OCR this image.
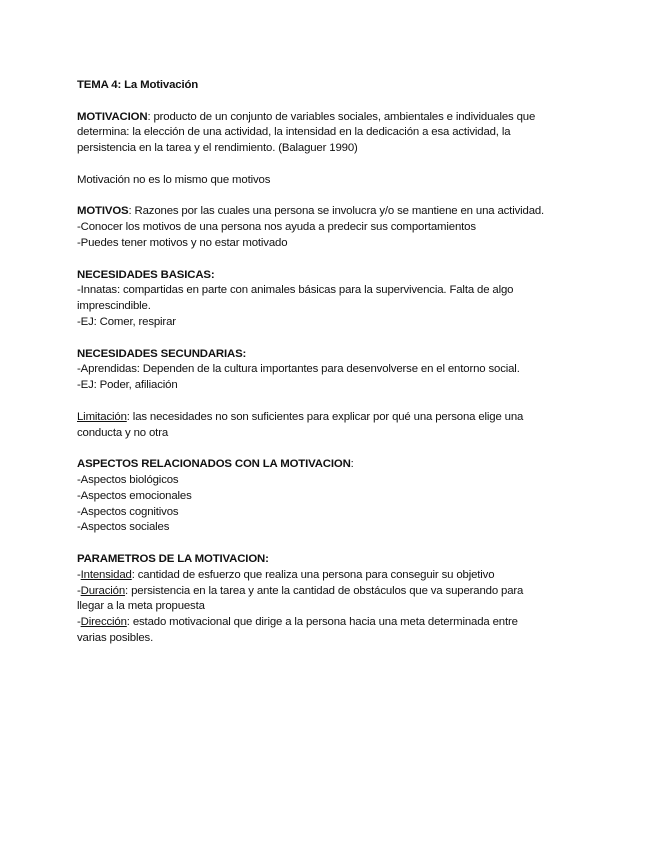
TEMA 4: La Motivación
MOTIVACION: producto de un conjunto de variables sociales, ambientales e individuales que
determina: la elección de una actividad, la intensidad en la dedicación a esa actividad, la
persistencia en la tarea y el rendimiento. (Balaguer 1990)
Motivación no es lo mismo que motivos
MOTIVOS: Razones por las cuales una persona se involucra y/o se mantiene en una actividad.
-Conocer los motivos de una persona nos ayuda a predecir sus comportamientos
-Puedes tener motivos y no estar motivado
NECESIDADES BASICAS:
-Innatas: compartidas en parte con animales básicas para la supervivencia. Falta de algo
imprescindible.
-EJ: Comer, respirar
NECESIDADES SECUNDARIAS:
-Aprendidas: Dependen de la cultura importantes para desenvolverse en el entorno social.
-EJ: Poder, afiliación
Limitación: las necesidades no son suficientes para explicar por qué una persona elige una
conducta y no otra
ASPECTOS RELACIONADOS CON LA MOTIVACION:
-Aspectos biológicos
-Aspectos emocionales
-Aspectos cognitivos
-Aspectos sociales
PARAMETROS DE LA MOTIVACION:
-Intensidad: cantidad de esfuerzo que realiza una persona para conseguir su objetivo
-Duración: persistencia en la tarea y ante la cantidad de obstáculos que va superando para
llegar a la meta propuesta
-Dirección: estado motivacional que dirige a la persona hacia una meta determinada entre
varias posibles.
